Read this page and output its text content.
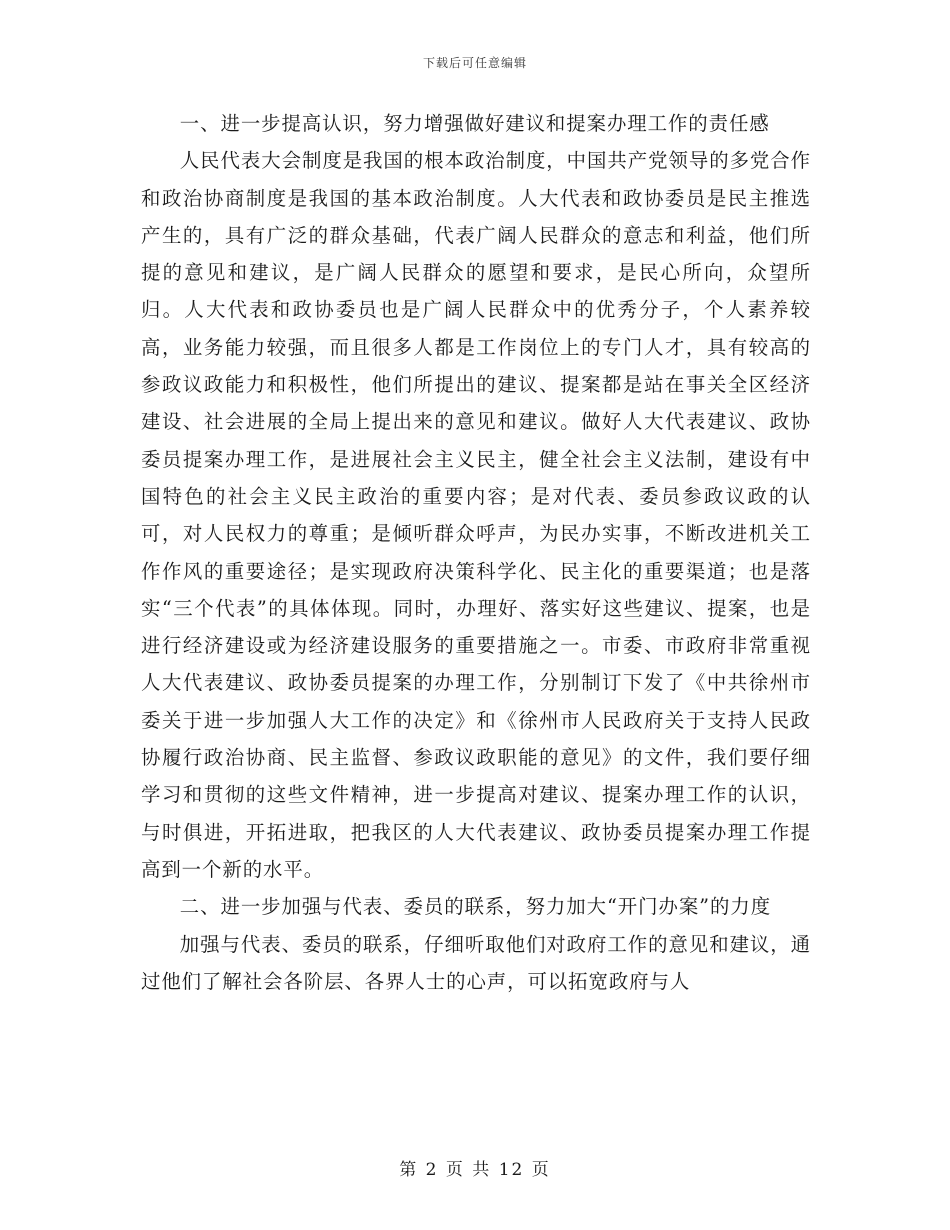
下载后可任意编辑

一、进一步提高认识，努力增强做好建议和提案办理工作的责任感

人民代表大会制度是我国的根本政治制度，中国共产党领导的多党合作和政治协商制度是我国的基本政治制度。人大代表和政协委员是民主推选产生的，具有广泛的群众基础，代表广阔人民群众的意志和利益，他们所提的意见和建议，是广阔人民群众的愿望和要求，是民心所向，众望所归。人大代表和政协委员也是广阔人民群众中的优秀分子，个人素养较高，业务能力较强，而且很多人都是工作岗位上的专门人才，具有较高的参政议政能力和积极性，他们所提出的建议、提案都是站在事关全区经济建设、社会进展的全局上提出来的意见和建议。做好人大代表建议、政协委员提案办理工作，是进展社会主义民主，健全社会主义法制，建设有中国特色的社会主义民主政治的重要内容；是对代表、委员参政议政的认可，对人民权力的尊重；是倾听群众呼声，为民办实事，不断改进机关工作作风的重要途径；是实现政府决策科学化、民主化的重要渠道；也是落实“三个代表”的具体体现。同时，办理好、落实好这些建议、提案，也是进行经济建设或为经济建设服务的重要措施之一。市委、市政府非常重视人大代表建议、政协委员提案的办理工作，分别制订下发了《中共徐州市委关于进一步加强人大工作的决定》和《徐州市人民政府关于支持人民政协履行政治协商、民主监督、参政议政职能的意见》的文件，我们要仔细学习和贯彻的这些文件精神，进一步提高对建议、提案办理工作的认识，与时俱进，开拓进取，把我区的人大代表建议、政协委员提案办理工作提高到一个新的水平。

二、进一步加强与代表、委员的联系，努力加大“开门办案”的力度

加强与代表、委员的联系，仔细听取他们对政府工作的意见和建议，通过他们了解社会各阶层、各界人士的心声，可以拓宽政府与人

第 2 页 共 12 页
